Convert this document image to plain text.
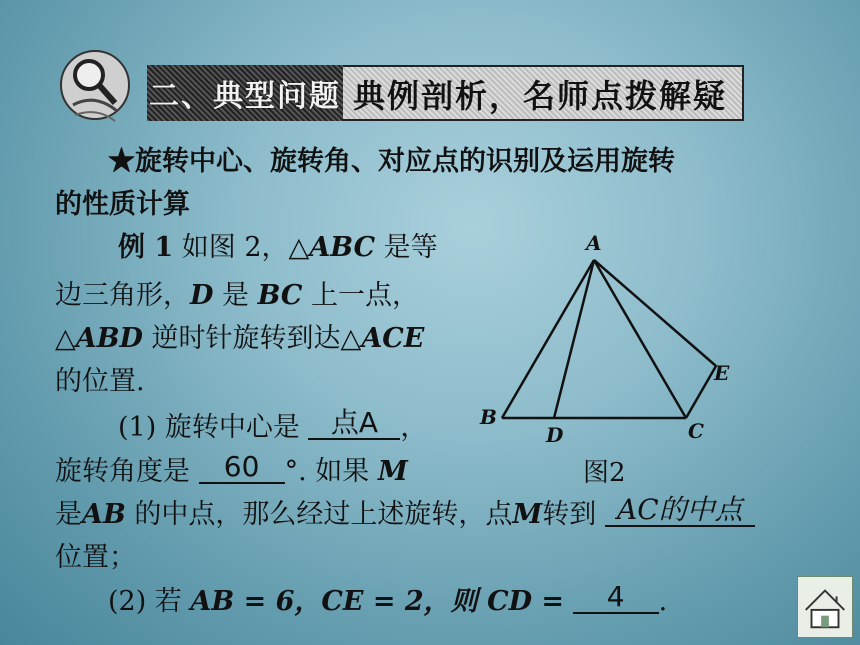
二、典型问题 典例剖析，名师点拨解疑
★旋转中心、旋转角、对应点的识别及运用旋转
的性质计算
例 1 如图 2，△ABC 是等
边三角形，D 是 BC 上一点，
△ABD 逆时针旋转到达△ACE
的位置.
(1) 旋转中心是 点A ，
旋转角度是 60 °. 如果 M
是AB 的中点，那么经过上述旋转，点M转到 AC的中点
位置；
(2) 若 AB = 6，CE = 2，则 CD = 4 .
A
B
C
D
E
图2
